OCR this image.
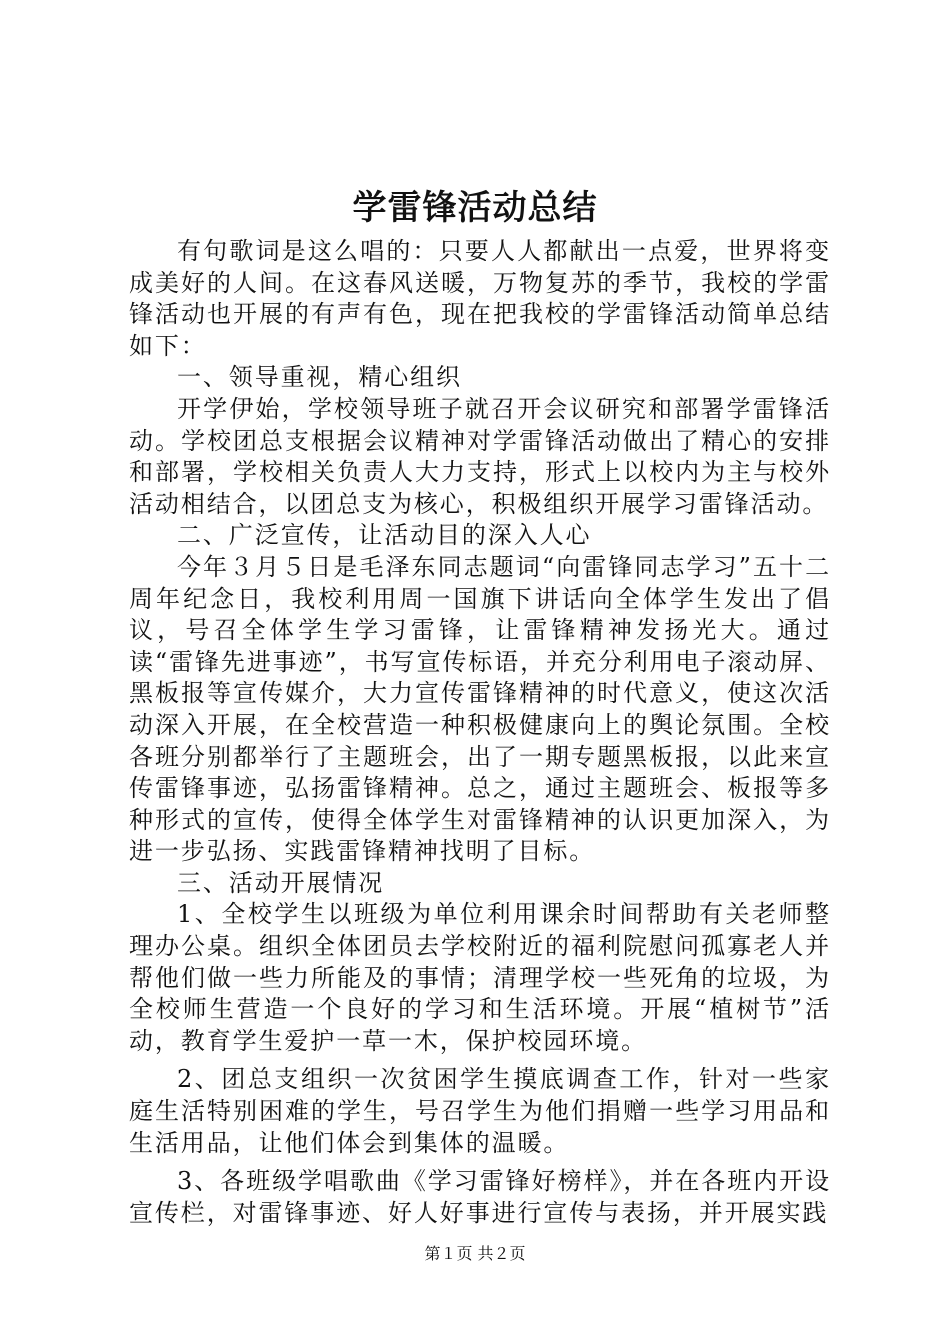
学雷锋活动总结

有句歌词是这么唱的：只要人人都献出一点爱，世界将变成美好的人间。在这春风送暖，万物复苏的季节，我校的学雷锋活动也开展的有声有色，现在把我校的学雷锋活动简单总结如下：

一、领导重视，精心组织

开学伊始，学校领导班子就召开会议研究和部署学雷锋活动。学校团总支根据会议精神对学雷锋活动做出了精心的安排和部署，学校相关负责人大力支持，形式上以校内为主与校外活动相结合，以团总支为核心，积极组织开展学习雷锋活动。

二、广泛宣传，让活动目的深入人心

今年３月５日是毛泽东同志题词“向雷锋同志学习”五十二周年纪念日，我校利用周一国旗下讲话向全体学生发出了倡议，号召全体学生学习雷锋，让雷锋精神发扬光大。通过读“雷锋先进事迹”，书写宣传标语，并充分利用电子滚动屏、黑板报等宣传媒介，大力宣传雷锋精神的时代意义，使这次活动深入开展，在全校营造一种积极健康向上的舆论氛围。全校各班分别都举行了主题班会，出了一期专题黑板报，以此来宣传雷锋事迹，弘扬雷锋精神。总之，通过主题班会、板报等多种形式的宣传，使得全体学生对雷锋精神的认识更加深入，为进一步弘扬、实践雷锋精神找明了目标。

三、活动开展情况

1、全校学生以班级为单位利用课余时间帮助有关老师整理办公桌。组织全体团员去学校附近的福利院慰问孤寡老人并帮他们做一些力所能及的事情；清理学校一些死角的垃圾，为全校师生营造一个良好的学习和生活环境。开展“植树节”活动，教育学生爱护一草一木，保护校园环境。

2、团总支组织一次贫困学生摸底调查工作，针对一些家庭生活特别困难的学生，号召学生为他们捐赠一些学习用品和生活用品，让他们体会到集体的温暖。

3、各班级学唱歌曲《学习雷锋好榜样》，并在各班内开设宣传栏，对雷锋事迹、好人好事进行宣传与表扬，并开展实践

第１页 共２页
